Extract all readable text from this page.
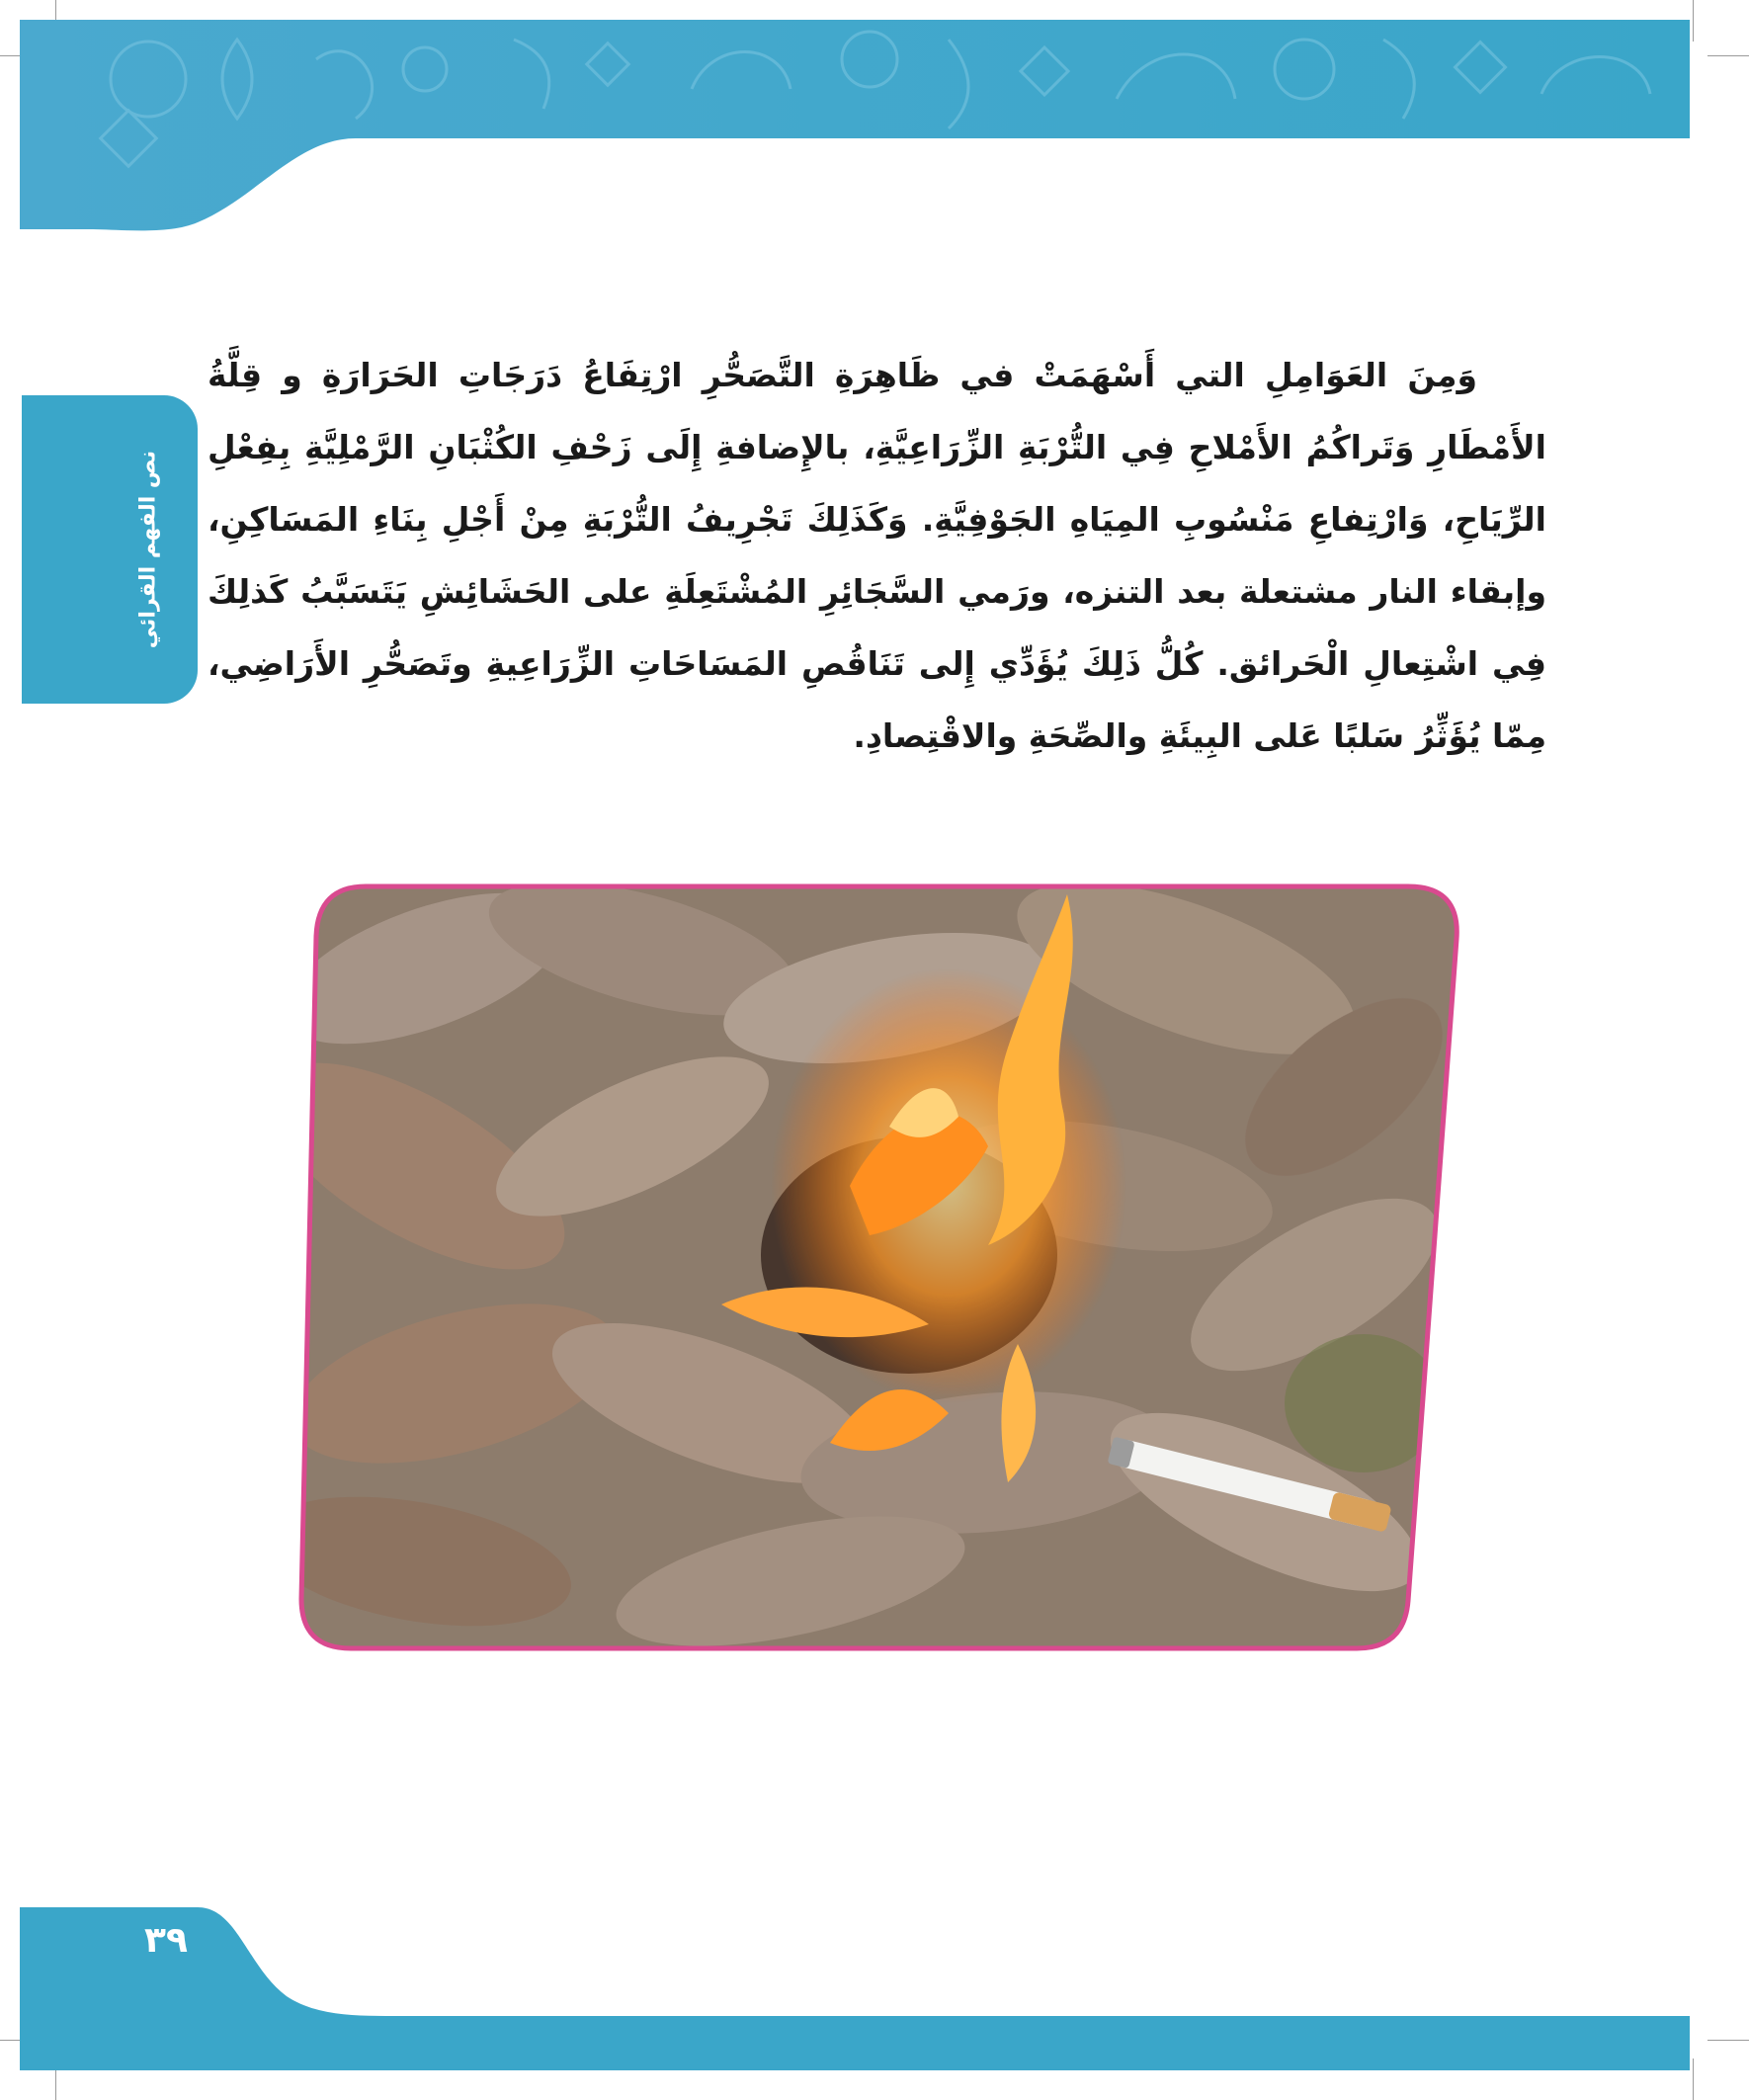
نص الفهم القرائي

وَمِنَ العَوَامِلِ التي أَسْهَمَتْ في ظَاهِرَةِ التَّصَحُّرِ ارْتِفَاعُ دَرَجَاتِ الحَرَارَةِ و قِلَّةُ الأَمْطَارِ وَتَراكُمُ الأَمْلاحِ فِي التُّرْبَةِ الزِّرَاعِيَّةِ، بالإِضافةِ إِلَى زَحْفِ الكُثْبَانِ الرَّمْلِيَّةِ بِفِعْلِ الرِّيَاحِ، وَارْتِفاعِ مَنْسُوبِ المِيَاهِ الجَوْفِيَّةِ. وَكَذَلِكَ تَجْرِيفُ التُّرْبَةِ مِنْ أَجْلِ بِنَاءِ المَسَاكِنِ، وإبقاء النار مشتعلة بعد التنزه، ورَمي السَّجَائِرِ المُشْتَعِلَةِ على الحَشَائِشِ يَتَسَبَّبُ كَذلِكَ فِي اشْتِعالِ الْحَرائق. كُلُّ ذَلِكَ يُؤَدِّي إِلى تَنَاقُصِ المَسَاحَاتِ الزِّرَاعِيةِ وتَصَحُّرِ الأَرَاضِي، مِمّا يُؤَثِّرُ سَلبًا عَلى البِيئَةِ والصِّحَةِ والاقْتِصادِ.

٣٩
